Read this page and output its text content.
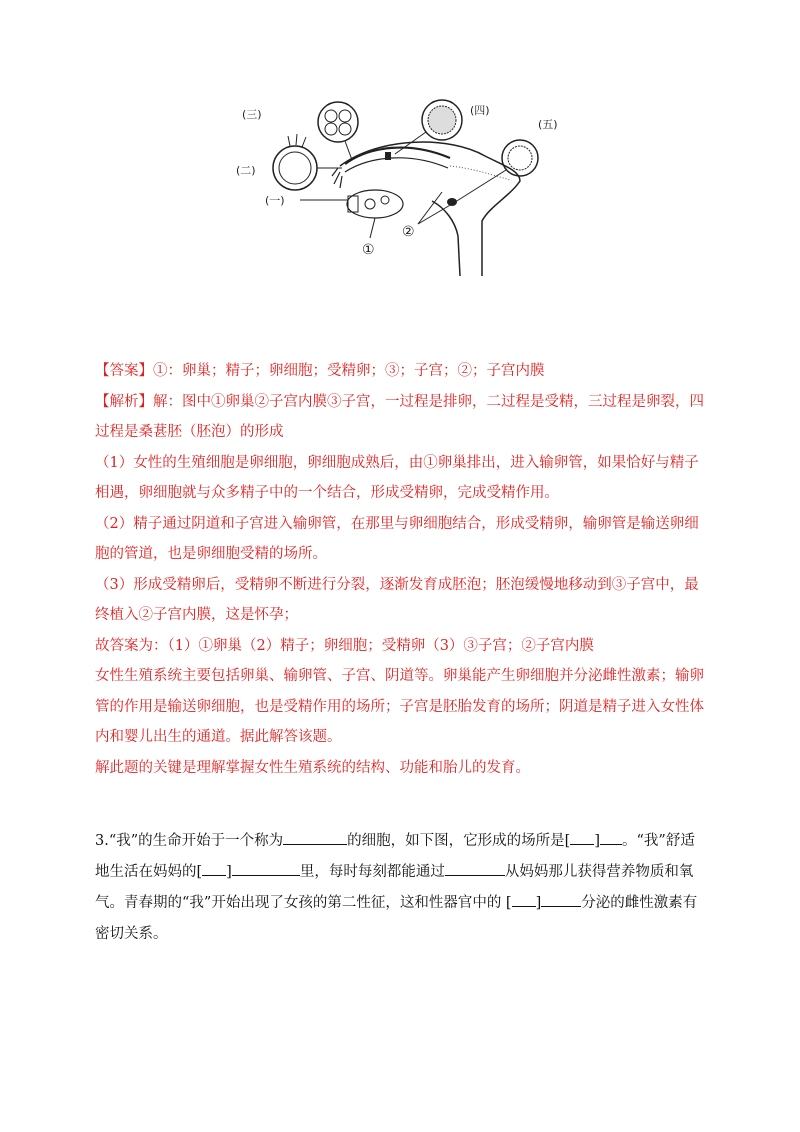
(三)
(二)
(一)
(四)
(五)
①
②

【答案】①：卵巢；精子；卵细胞；受精卵；③；子宫；②；子宫内膜

【解析】解：图中①卵巢②子宫内膜③子宫，一过程是排卵，二过程是受精，三过程是卵裂，四过程是桑葚胚（胚泡）的形成

（1）女性的生殖细胞是卵细胞，卵细胞成熟后，由①卵巢排出，进入输卵管，如果恰好与精子相遇，卵细胞就与众多精子中的一个结合，形成受精卵，完成受精作用。

（2）精子通过阴道和子宫进入输卵管，在那里与卵细胞结合，形成受精卵，输卵管是输送卵细胞的管道，也是卵细胞受精的场所。

（3）形成受精卵后，受精卵不断进行分裂，逐渐发育成胚泡；胚泡缓慢地移动到③子宫中，最终植入②子宫内膜，这是怀孕；

故答案为：（1）①卵巢（2）精子；卵细胞；受精卵（3）③子宫；②子宫内膜

女性生殖系统主要包括卵巢、输卵管、子宫、阴道等。卵巢能产生卵细胞并分泌雌性激素；输卵管的作用是输送卵细胞，也是受精作用的场所；子宫是胚胎发育的场所；阴道是精子进入女性体内和婴儿出生的通道。据此解答该题。

解此题的关键是理解掌握女性生殖系统的结构、功能和胎儿的发育。

3.“我”的生命开始于一个称为	的细胞，如下图，它形成的场所是[ ] 。“我”舒适地生活在妈妈的[ ]	里，每时每刻都能通过	从妈妈那儿获得营养物质和氧气。青春期的“我”开始出现了女孩的第二性征，这和性器官中的 [ ]	分泌的雌性激素有密切关系。
